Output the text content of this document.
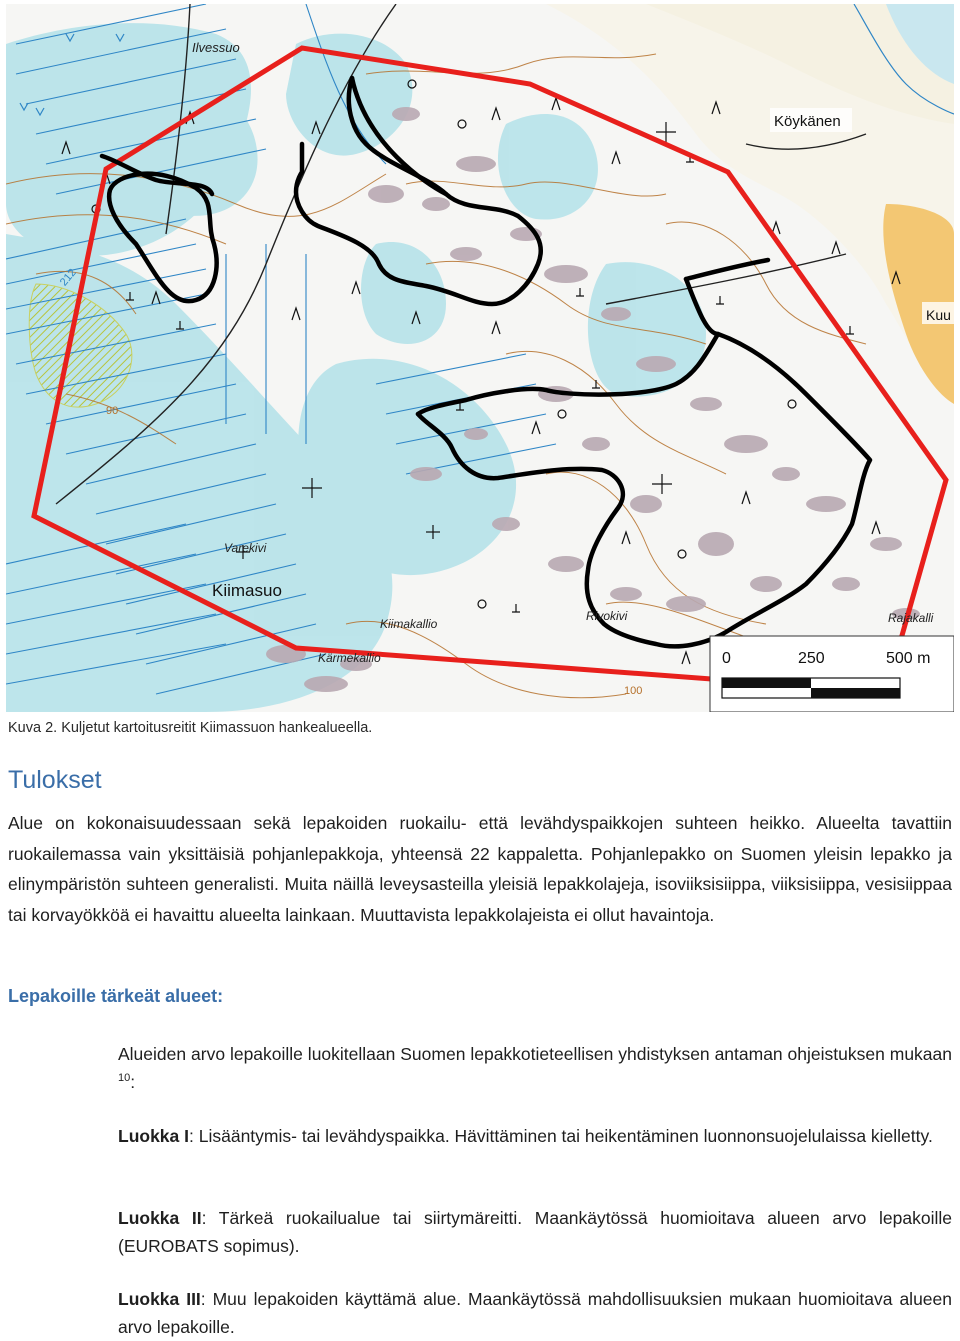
Ilvessuo
Köykänen
Kuu
Varekivi
Kiimasuo
Kiimakallio
Kärmekallio
Rivokivi	Rajakalli
212
90
100
0	250	500 m
Kuva 2. Kuljetut kartoitusreitit Kiimassuon hankealueella.
Tulokset
Alue on kokonaisuudessaan sekä lepakoiden ruokailu- että levähdyspaikkojen suhteen heikko. Alueelta tavattiin ruokailemassa vain yksittäisiä pohjanlepakkoja, yhteensä 22 kappaletta. Pohjanlepakko on Suomen yleisin lepakko ja elinympäristön suhteen generalisti. Muita näillä leveysasteilla yleisiä lepakkolajeja, isoviiksisiippa, viiksisiippa, vesisiippaa tai korvayökköä ei havaittu alueelta lainkaan. Muuttavista lepakkolajeista ei ollut havaintoja.
Lepakoille tärkeät alueet:
Alueiden arvo lepakoille luokitellaan Suomen lepakkotieteellisen yhdistyksen antaman ohjeistuksen mukaan $^{10}$:
Luokka I: Lisääntymis- tai levähdyspaikka. Hävittäminen tai heikentäminen luonnonsuojelulaissa kielletty.
Luokka II: Tärkeä ruokailualue tai siirtymäreitti. Maankäytössä huomioitava alueen arvo lepakoille (EUROBATS sopimus).
Luokka III: Muu lepakoiden käyttämä alue. Maankäytössä mahdollisuuksien mukaan huomioitava alueen arvo lepakoille.
